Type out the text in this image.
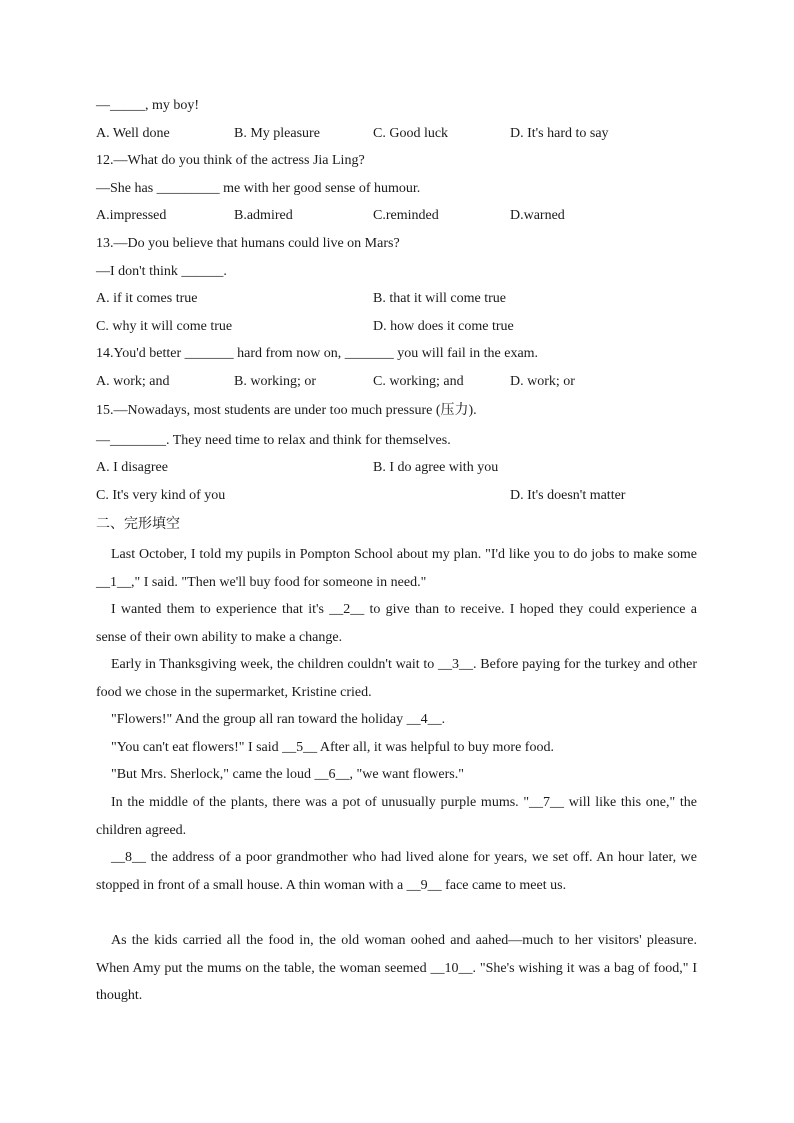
—_____, my boy!
A. Well done	B. My pleasure	C. Good luck	D. It's hard to say
12.—What do you think of the actress Jia Ling?
—She has _________ me with her good sense of humour.
A.impressed	B.admired	C.reminded	D.warned
13.—Do you believe that humans could live on Mars?
—I don't think ______.
A. if it comes true	B. that it will come true
C. why it will come true	D. how does it come true
14.You'd better _______ hard from now on, _______ you will fail in the exam.
A. work; and	B. working; or	C. working; and	D. work; or
15.—Nowadays, most students are under too much pressure (压力).
—________. They need time to relax and think for themselves.
A. I disagree	B. I do agree with you
C. It's very kind of you	D. It's doesn't matter
二、完形填空
Last October, I told my pupils in Pompton School about my plan. "I'd like you to do jobs to make some __1__," I said. "Then we'll buy food for someone in need."
I wanted them to experience that it's __2__ to give than to receive. I hoped they could experience a sense of their own ability to make a change.
Early in Thanksgiving week, the children couldn't wait to __3__. Before paying for the turkey and other food we chose in the supermarket, Kristine cried.
"Flowers!" And the group all ran toward the holiday __4__.
"You can't eat flowers!" I said __5__ After all, it was helpful to buy more food.
"But Mrs. Sherlock," came the loud __6__, "we want flowers."
In the middle of the plants, there was a pot of unusually purple mums. "__7__ will like this one," the children agreed.
__8__ the address of a poor grandmother who had lived alone for years, we set off. An hour later, we stopped in front of a small house. A thin woman with a __9__ face came to meet us.
As the kids carried all the food in, the old woman oohed and aahed—much to her visitors' pleasure. When Amy put the mums on the table, the woman seemed __10__. "She's wishing it was a bag of food," I thought.
